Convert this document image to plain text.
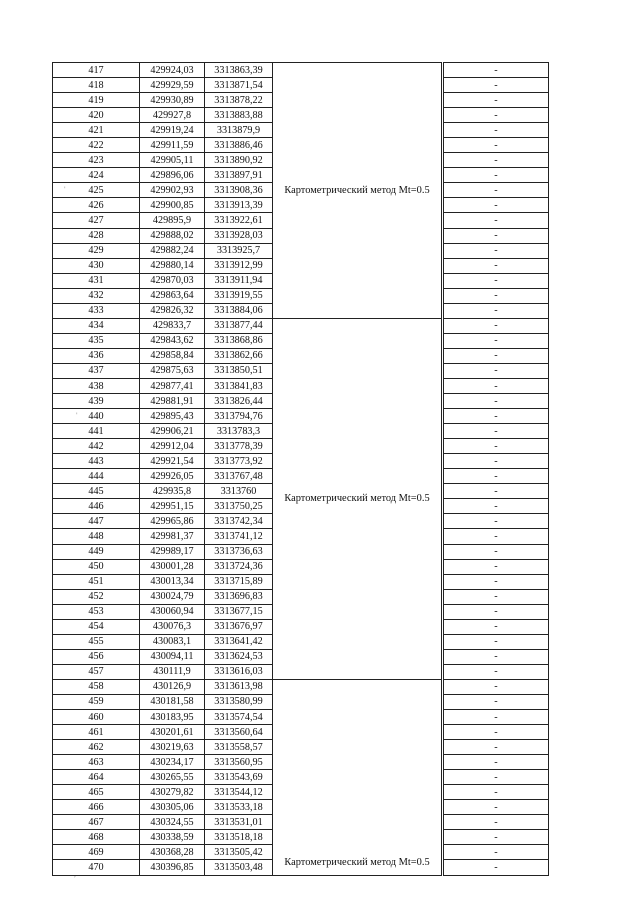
417	429924,03	3313863,39	Картометрический метод Mt=0.5		-
418	429929,59	3313871,54			-
419	429930,89	3313878,22			-
420	429927,8	3313883,88			-
421	429919,24	3313879,9			-
422	429911,59	3313886,46			-
423	429905,11	3313890,92			-
424	429896,06	3313897,91			-
425	429902,93	3313908,36			-
426	429900,85	3313913,39			-
427	429895,9	3313922,61			-
428	429888,02	3313928,03			-
429	429882,24	3313925,7			-
430	429880,14	3313912,99			-
431	429870,03	3313911,94			-
432	429863,64	3313919,55			-
433	429826,32	3313884,06			-
434	429833,7	3313877,44	Картометрический метод Mt=0.5		-
435	429843,62	3313868,86			-
436	429858,84	3313862,66			-
437	429875,63	3313850,51			-
438	429877,41	3313841,83			-
439	429881,91	3313826,44			-
440	429895,43	3313794,76			-
441	429906,21	3313783,3			-
442	429912,04	3313778,39			-
443	429921,54	3313773,92			-
444	429926,05	3313767,48			-
445	429935,8	3313760			-
446	429951,15	3313750,25			-
447	429965,86	3313742,34			-
448	429981,37	3313741,12			-
449	429989,17	3313736,63			-
450	430001,28	3313724,36			-
451	430013,34	3313715,89			-
452	430024,79	3313696,83			-
453	430060,94	3313677,15			-
454	430076,3	3313676,97			-
455	430083,1	3313641,42			-
456	430094,11	3313624,53			-
457	430111,9	3313616,03			-
458	430126,9	3313613,98	Картометрический метод Mt=0.5		-
459	430181,58	3313580,99			-
460	430183,95	3313574,54			-
461	430201,61	3313560,64			-
462	430219,63	3313558,57			-
463	430234,17	3313560,95			-
464	430265,55	3313543,69			-
465	430279,82	3313544,12			-
466	430305,06	3313533,18			-
467	430324,55	3313531,01			-
468	430338,59	3313518,18			-
469	430368,28	3313505,42			-
470	430396,85	3313503,48			-
'
'
,
